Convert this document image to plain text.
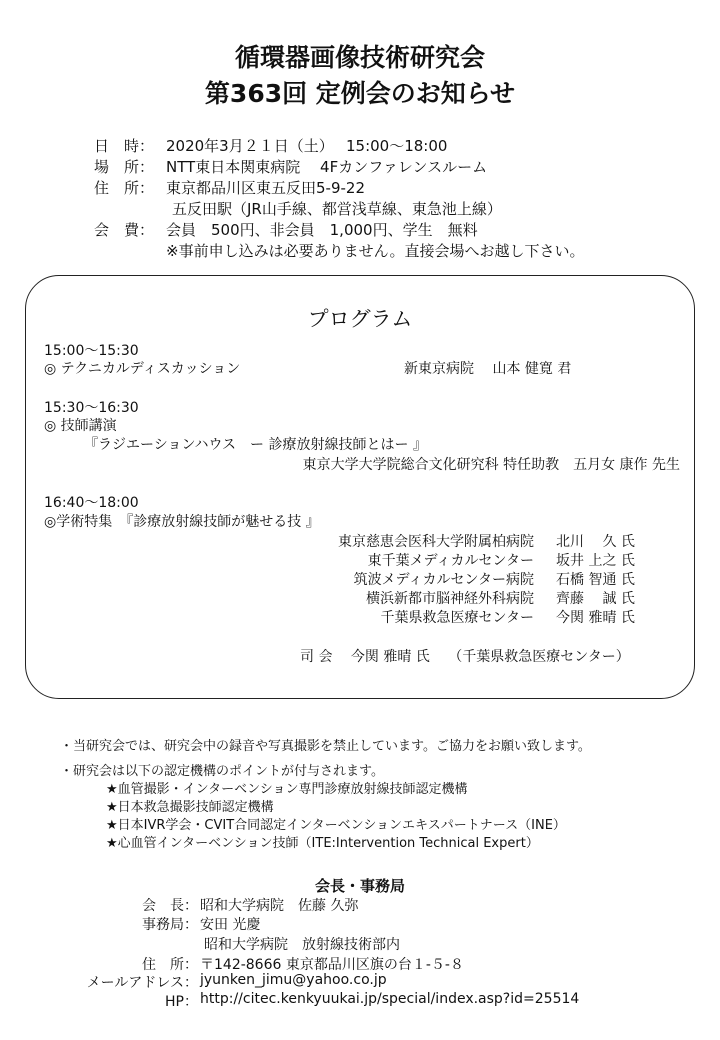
循環器画像技術研究会
第363回 定例会のお知らせ
日　時： 2020年3月２１日（土）　 15:00～18:00
場　所： NTT東日本関東病院　 4Fカンファレンスルーム
住　所： 東京都品川区東五反田5-9-22
五反田駅（JR山手線、都営浅草線、東急池上線）
会　費： 会員　500円、非会員　1,000円、学生　無料
※事前申し込みは必要ありません。直接会場へお越し下さい。
プログラム
15:00～15:30
◎ テクニカルディスカッション	新東京病院　 山本 健寛 君
15:30～16:30
◎ 技師講演
『ラジエーションハウス　ー 診療放射線技師とはー 』
東京大学大学院総合文化研究科 特任助教　五月女 康作 先生
16:40～18:00
◎学術特集　『診療放射線技師が魅せる技 』
東京慈恵会医科大学附属柏病院 北川　 久 氏
東千葉メディカルセンター 坂井 上之 氏
筑波メディカルセンター病院 石橋 智通 氏
横浜新都市脳神経外科病院 齊藤　 誠 氏
千葉県救急医療センター 今関 雅晴 氏
司 会　 今関 雅晴 氏　 （千葉県救急医療センター）
・当研究会では、研究会中の録音や写真撮影を禁止しています。ご協力をお願い致します。
・研究会は以下の認定機構のポイントが付与されます。
★血管撮影・インターベンション専門診療放射線技師認定機構
★日本救急撮影技師認定機構
★日本IVR学会・CVIT合同認定インターベンションエキスパートナース（INE）
★心血管インターベンション技師（ITE:Intervention Technical Expert）
会長・事務局
会　長： 昭和大学病院　佐藤 久弥
事務局： 安田 光慶
昭和大学病院　放射線技術部内
住　所： 〒142-8666 東京都品川区旗の台１-５-８
メールアドレス： jyunken_jimu@yahoo.co.jp
HP： http://citec.kenkyuukai.jp/special/index.asp?id=25514
